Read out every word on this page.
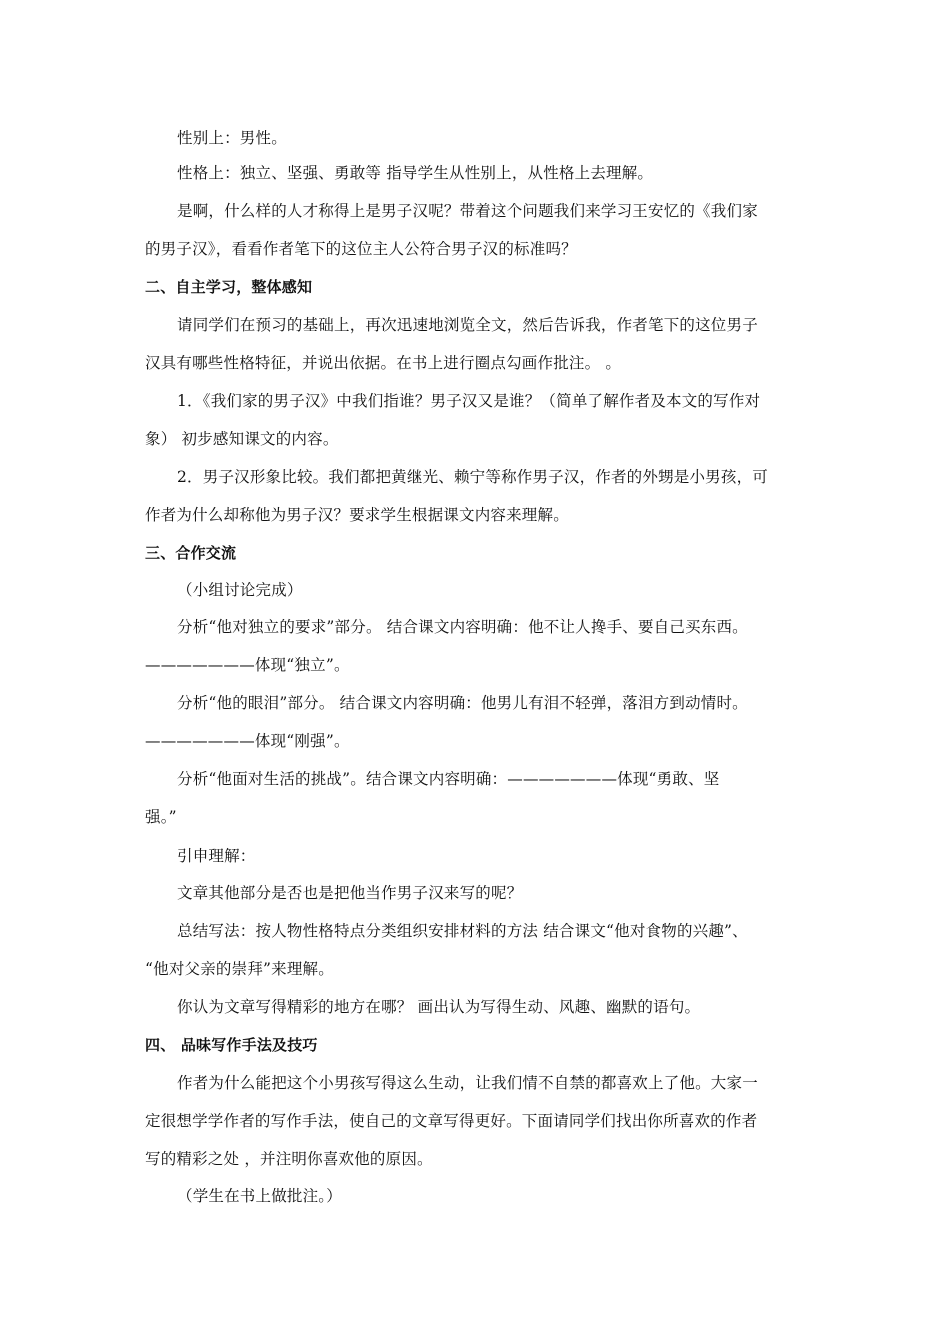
性别上：男性。
性格上：独立、坚强、勇敢等 指导学生从性别上，从性格上去理解。
是啊，什么样的人才称得上是男子汉呢？带着这个问题我们来学习王安忆的《我们家
的男子汉》，看看作者笔下的这位主人公符合男子汉的标准吗？
二、自主学习，整体感知
请同学们在预习的基础上，再次迅速地浏览全文，然后告诉我，作者笔下的这位男子
汉具有哪些性格特征，并说出依据。在书上进行圈点勾画作批注。 。
1．《我们家的男子汉》中我们指谁？男子汉又是谁？（简单了解作者及本文的写作对
象） 初步感知课文的内容。
2．男子汉形象比较。我们都把黄继光、赖宁等称作男子汉，作者的外甥是小男孩，可
作者为什么却称他为男子汉？要求学生根据课文内容来理解。
三、合作交流
（小组讨论完成）
分析“他对独立的要求”部分。 结合课文内容明确：他不让人搀手、要自己买东西。
———————体现“独立”。
分析“他的眼泪”部分。 结合课文内容明确：他男儿有泪不轻弹，落泪方到动情时。
———————体现“刚强”。
分析“他面对生活的挑战”。结合课文内容明确：———————体现“勇敢、坚
强。”
引申理解：
文章其他部分是否也是把他当作男子汉来写的呢？
总结写法：按人物性格特点分类组织安排材料的方法 结合课文“他对食物的兴趣”、
“他对父亲的崇拜”来理解。
你认为文章写得精彩的地方在哪？ 画出认为写得生动、风趣、幽默的语句。
四、 品味写作手法及技巧
作者为什么能把这个小男孩写得这么生动，让我们情不自禁的都喜欢上了他。大家一
定很想学学作者的写作手法，使自己的文章写得更好。下面请同学们找出你所喜欢的作者
写的精彩之处 ，并注明你喜欢他的原因。
（学生在书上做批注。）
